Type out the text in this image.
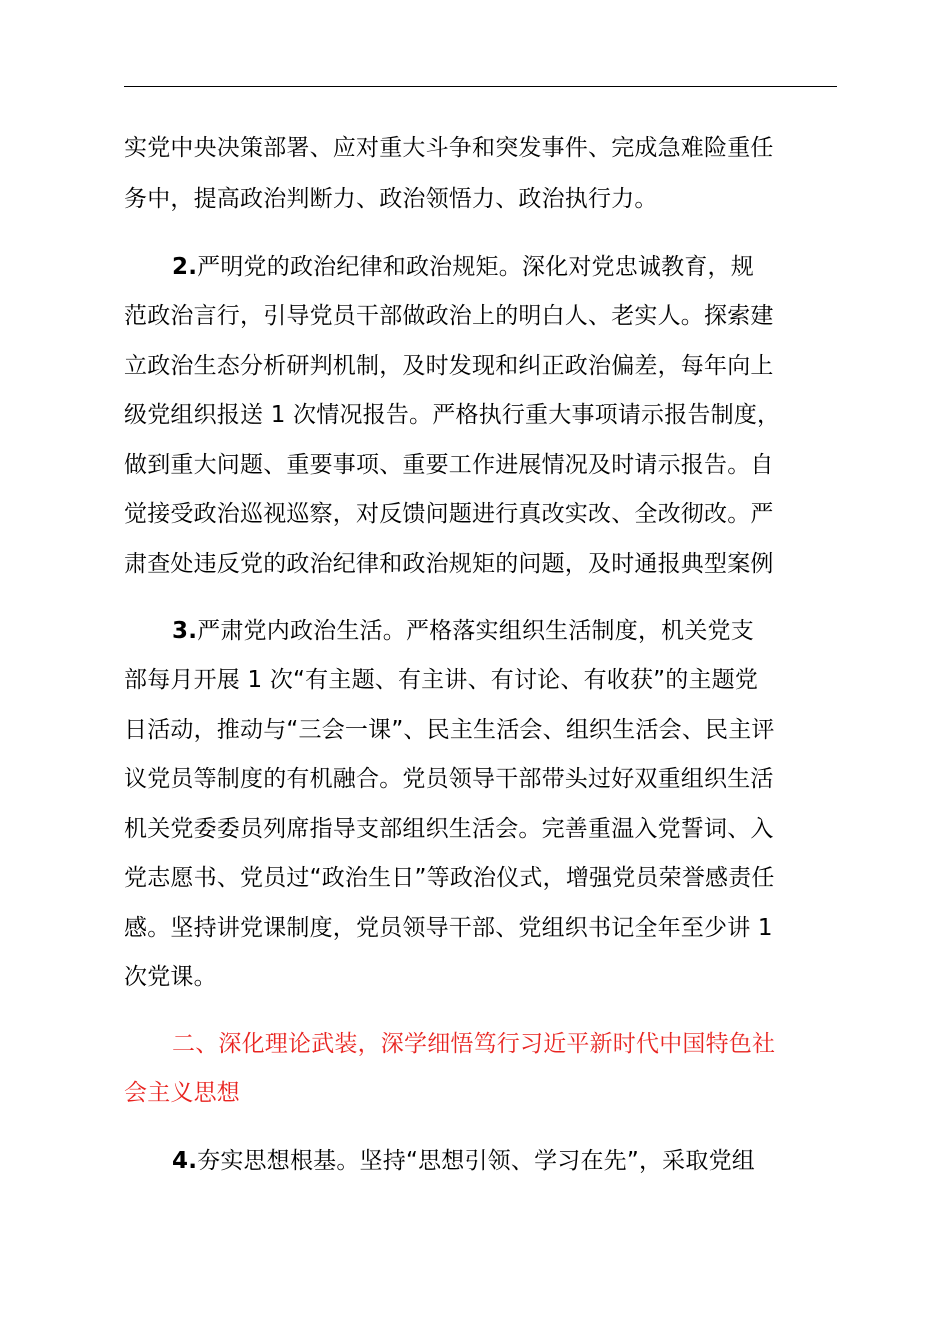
实党中央决策部署、应对重大斗争和突发事件、完成急难险重任
务中，提高政治判断力、政治领悟力、政治执行力。
2.严明党的政治纪律和政治规矩。深化对党忠诚教育，规
范政治言行，引导党员干部做政治上的明白人、老实人。探索建
立政治生态分析研判机制，及时发现和纠正政治偏差，每年向上
级党组织报送 1 次情况报告。严格执行重大事项请示报告制度，
做到重大问题、重要事项、重要工作进展情况及时请示报告。自
觉接受政治巡视巡察，对反馈问题进行真改实改、全改彻改。严
肃查处违反党的政治纪律和政治规矩的问题，及时通报典型案例
3.严肃党内政治生活。严格落实组织生活制度，机关党支
部每月开展 1 次“有主题、有主讲、有讨论、有收获”的主题党
日活动，推动与“三会一课”、民主生活会、组织生活会、民主评
议党员等制度的有机融合。党员领导干部带头过好双重组织生活
机关党委委员列席指导支部组织生活会。完善重温入党誓词、入
党志愿书、党员过“政治生日”等政治仪式，增强党员荣誉感责任
感。坚持讲党课制度，党员领导干部、党组织书记全年至少讲 1
次党课。
二、深化理论武装，深学细悟笃行习近平新时代中国特色社
会主义思想
4.夯实思想根基。坚持“思想引领、学习在先”，采取党组
